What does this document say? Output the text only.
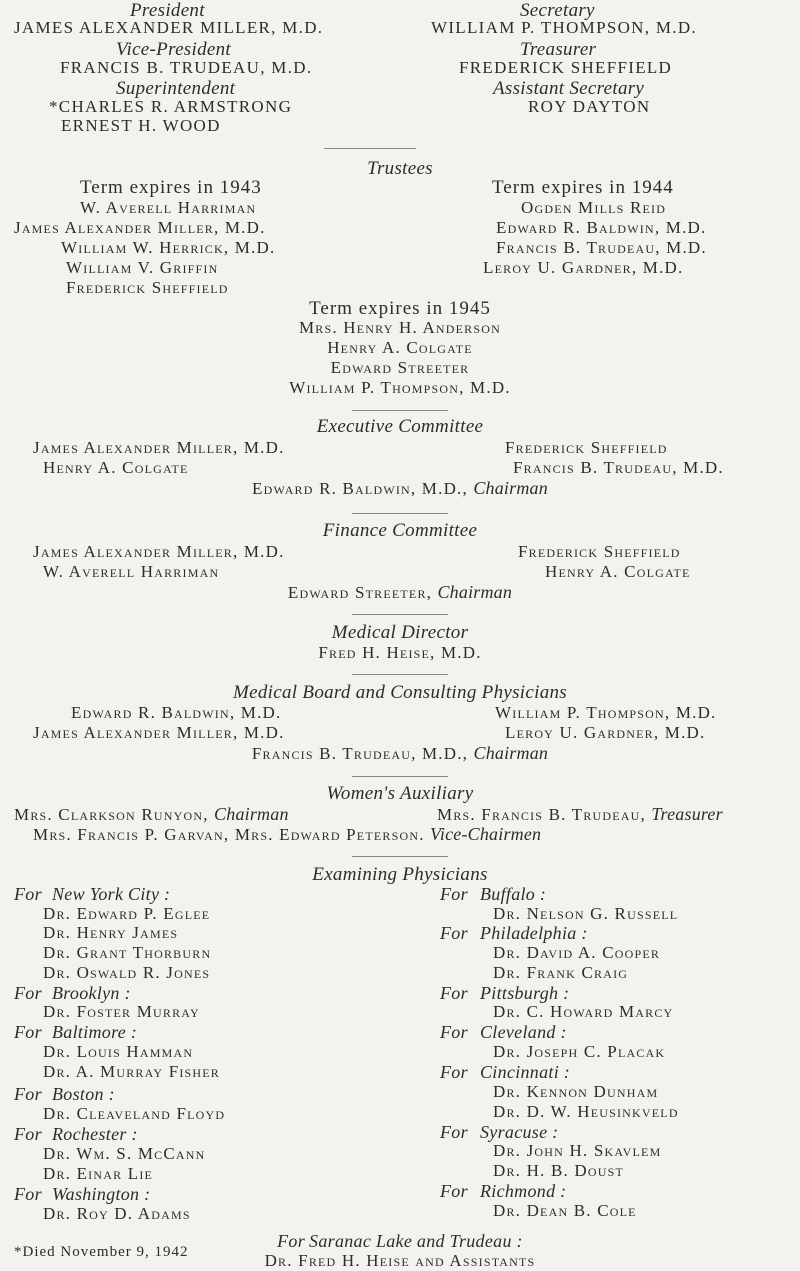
President
JAMES ALEXANDER MILLER, M.D.
Secretary
WILLIAM P. THOMPSON, M.D.
Vice-President
FRANCIS B. TRUDEAU, M.D.
Treasurer
FREDERICK SHEFFIELD
Superintendent
*CHARLES R. ARMSTRONG
ERNEST H. WOOD
Assistant Secretary
ROY DAYTON
Trustees
Term expires in 1943
W. Averell Harriman
James Alexander Miller, M.D.
William W. Herrick, M.D.
William V. Griffin
Frederick Sheffield
Term expires in 1944
Ogden Mills Reid
Edward R. Baldwin, M.D.
Francis B. Trudeau, M.D.
Leroy U. Gardner, M.D.
Term expires in 1945
Mrs. Henry H. Anderson
Henry A. Colgate
Edward Streeter
William P. Thompson, M.D.
Executive Committee
James Alexander Miller, M.D.	Frederick Sheffield
Henry A. Colgate	Francis B. Trudeau, M.D.
Edward R. Baldwin, M.D., Chairman
Finance Committee
James Alexander Miller, M.D.	Frederick Sheffield
W. Averell Harriman	Henry A. Colgate
Edward Streeter, Chairman
Medical Director
Fred H. Heise, M.D.
Medical Board and Consulting Physicians
Edward R. Baldwin, M.D.	William P. Thompson, M.D.
James Alexander Miller, M.D.	Leroy U. Gardner, M.D.
Francis B. Trudeau, M.D., Chairman
Women's Auxiliary
Mrs. Clarkson Runyon, Chairman	Mrs. Francis B. Trudeau, Treasurer
Mrs. Francis P. Garvan, Mrs. Edward Peterson. Vice-Chairmen
Examining Physicians
For New York City :
Dr. Edward P. Eglee
Dr. Henry James
Dr. Grant Thorburn
Dr. Oswald R. Jones
For Brooklyn :
Dr. Foster Murray
For Baltimore :
Dr. Louis Hamman
Dr. A. Murray Fisher
For Boston :
Dr. Cleaveland Floyd
For Rochester :
Dr. Wm. S. McCann
Dr. Einar Lie
For Washington :
Dr. Roy D. Adams
For Buffalo :
Dr. Nelson G. Russell
For Philadelphia :
Dr. David A. Cooper
Dr. Frank Craig
For Pittsburgh :
Dr. C. Howard Marcy
For Cleveland :
Dr. Joseph C. Placak
For Cincinnati :
Dr. Kennon Dunham
Dr. D. W. Heusinkveld
For Syracuse :
Dr. John H. Skavlem
Dr. H. B. Doust
For Richmond :
Dr. Dean B. Cole
For Saranac Lake and Trudeau :
Dr. Fred H. Heise and Assistants
*Died November 9, 1942
